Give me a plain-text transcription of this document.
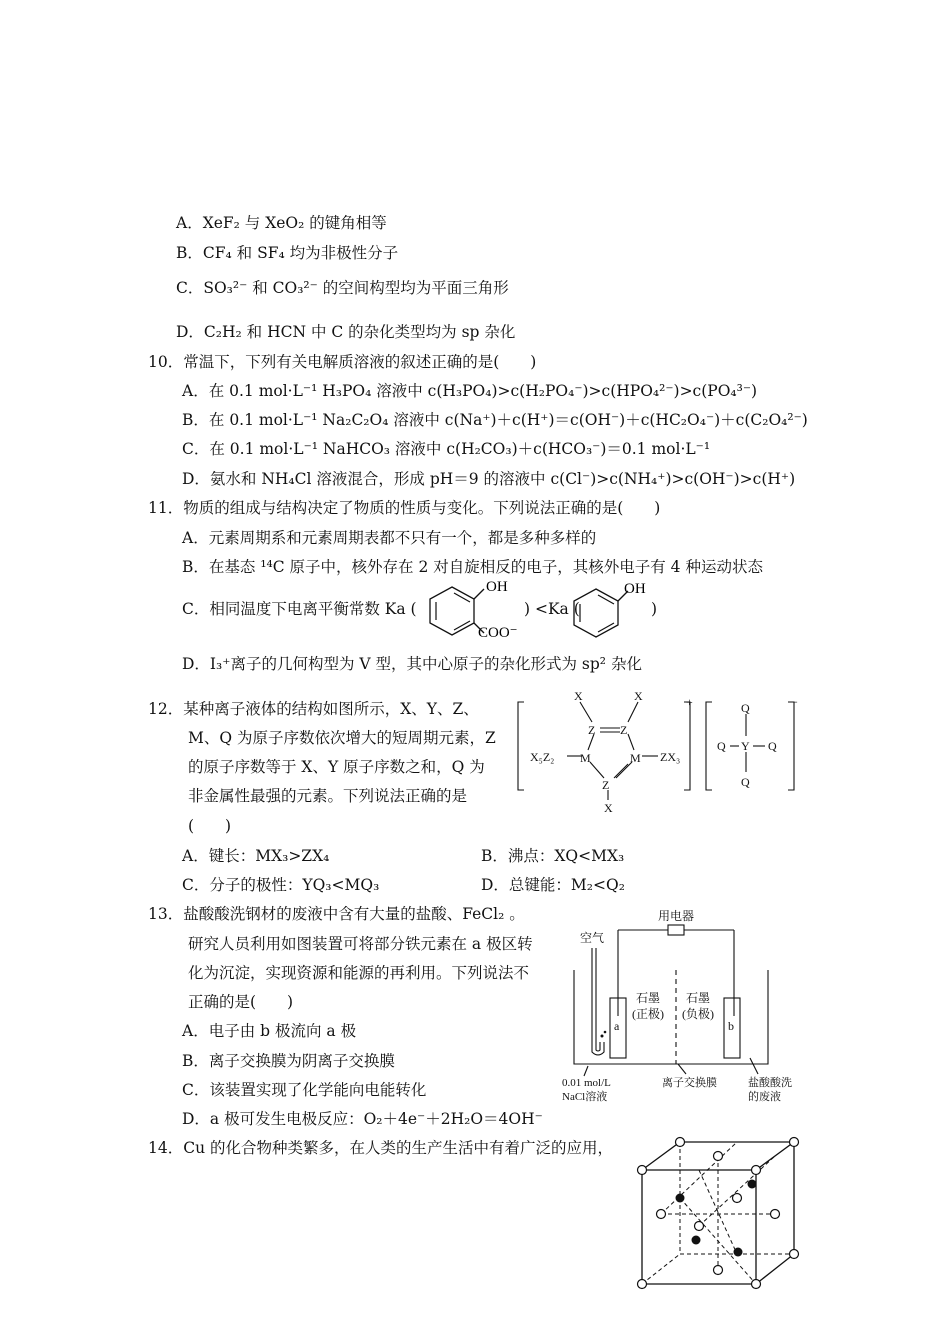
A．XeF₂ 与 XeO₂ 的键角相等
B．CF₄ 和 SF₄ 均为非极性分子
C．SO₃²⁻ 和 CO₃²⁻ 的空间构型均为平面三角形
D．C₂H₂ 和 HCN 中 C 的杂化类型均为 sp 杂化
10．常温下，下列有关电解质溶液的叙述正确的是(　　)
A．在 0.1 mol·L⁻¹ H₃PO₄ 溶液中 c(H₃PO₄)>c(H₂PO₄⁻)>c(HPO₄²⁻)>c(PO₄³⁻)
B．在 0.1 mol·L⁻¹ Na₂C₂O₄ 溶液中 c(Na⁺)＋c(H⁺)＝c(OH⁻)＋c(HC₂O₄⁻)＋c(C₂O₄²⁻)
C．在 0.1 mol·L⁻¹ NaHCO₃ 溶液中 c(H₂CO₃)＋c(HCO₃⁻)＝0.1 mol·L⁻¹
D．氨水和 NH₄Cl 溶液混合，形成 pH＝9 的溶液中 c(Cl⁻)>c(NH₄⁺)>c(OH⁻)>c(H⁺)
11．物质的组成与结构决定了物质的性质与变化。下列说法正确的是(　　)
A．元素周期系和元素周期表都不只有一个，都是多种多样的
B．在基态 ¹⁴C 原子中，核外存在 2 对自旋相反的电子，其核外电子有 4 种运动状态
C．相同温度下电离平衡常数 Ka (
OH
COO⁻
) <Ka (
OH
)
D．I₃⁺离子的几何构型为 V 型，其中心原子的杂化形式为 sp² 杂化
12．某种离子液体的结构如图所示，X、Y、Z、
M、Q 为原子序数依次增大的短周期元素，Z
的原子序数等于 X、Y 原子序数之和，Q 为
非金属性最强的元素。下列说法正确的是
(　　)
X	X
Z Z
M	M
Z
X
X₅Z₂	ZX₃
+	−
Q
Y
Q	Q
Q
A．键长：MX₃>ZX₄	B．沸点：XQ<MX₃
C．分子的极性：YQ₃<MQ₃	D．总键能：M₂<Q₂
13．盐酸酸洗钢材的废液中含有大量的盐酸、FeCl₂ 。
研究人员利用如图装置可将部分铁元素在 a 极区转
化为沉淀，实现资源和能源的再利用。下列说法不
正确的是(　　)
A．电子由 b 极流向 a 极
B．离子交换膜为阴离子交换膜
C．该装置实现了化学能向电能转化
D．a 极可发生电极反应：O₂＋4e⁻＋2H₂O＝4OH⁻
用电器
空气
石墨
(正极)
石墨
(负极)
a	b
0.01 mol/L
NaCl溶液
离子交换膜	盐酸酸洗
的废液
14．Cu 的化合物种类繁多，在人类的生产生活中有着广泛的应用，
